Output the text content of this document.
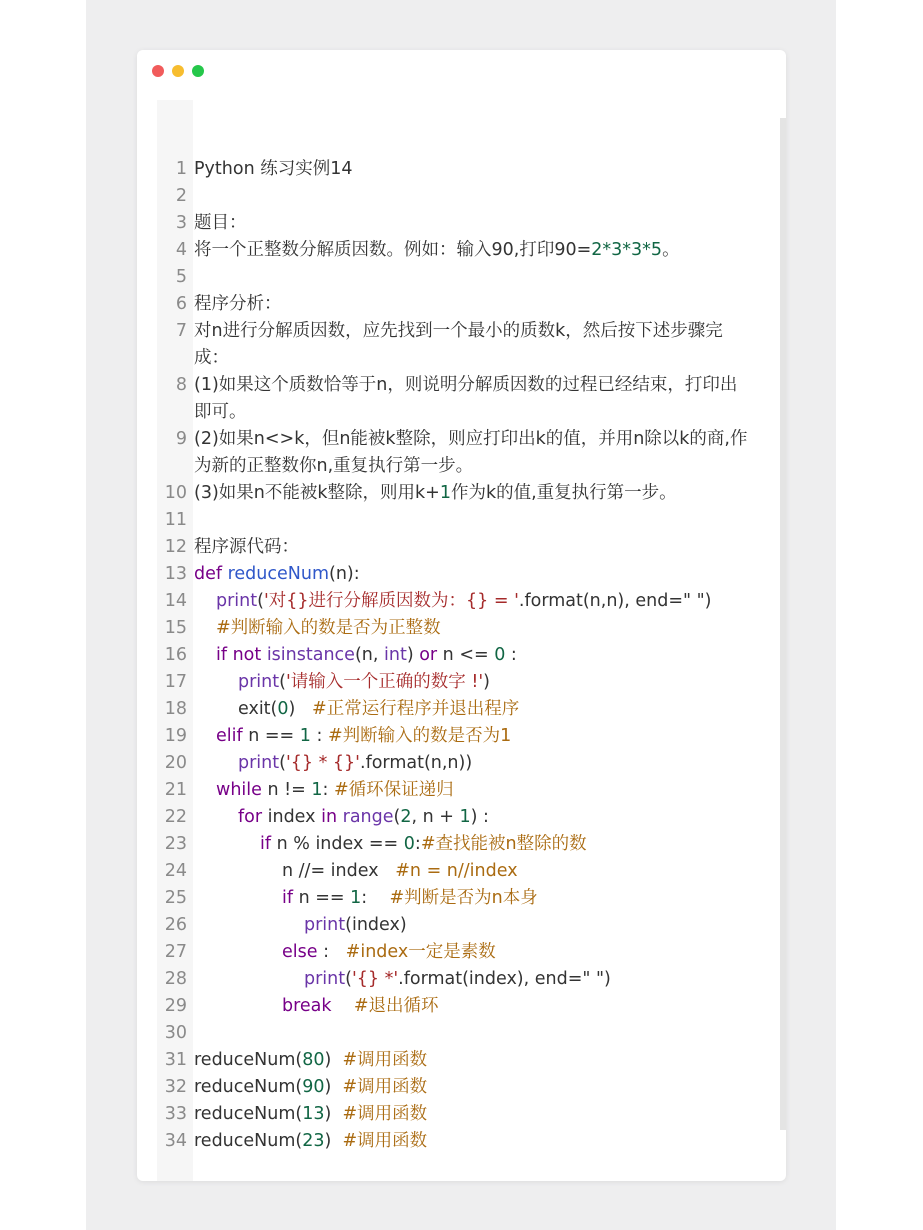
1 Python 练习实例14
2
3 题目：
4 将一个正整数分解质因数。例如：输入90,打印90=2*3*3*5。
5
6 程序分析：
7 对n进行分解质因数，应先找到一个最小的质数k，然后按下述步骤完成：
8 (1)如果这个质数恰等于n，则说明分解质因数的过程已经结束，打印出即可。
9 (2)如果n<>k，但n能被k整除，则应打印出k的值，并用n除以k的商,作为新的正整数你n,重复执行第一步。
10 (3)如果n不能被k整除，则用k+1作为k的值,重复执行第一步。
11
12 程序源代码：
13 def reduceNum(n):
14	print('对{}进行分解质因数为：{} = '.format(n,n), end=" ")
15	#判断输入的数是否为正整数
16	if not isinstance(n, int) or n <= 0 :
17	print('请输入一个正确的数字 !')
18	exit(0)   #正常运行程序并退出程序
19	elif n == 1 : #判断输入的数是否为1
20	print('{} * {}'.format(n,n))
21	while n != 1: #循环保证递归
22	for index in range(2, n + 1) :
23	if n % index == 0:#查找能被n整除的数
24	n //= index   #n = n//index
25	if n == 1:    #判断是否为n本身
26	print(index)
27	else :   #index一定是素数
28	print('{} *'.format(index), end=" ")
29	break #退出循环
30
31 reduceNum(80)  #调用函数
32 reduceNum(90)  #调用函数
33 reduceNum(13)  #调用函数
34 reduceNum(23)  #调用函数
